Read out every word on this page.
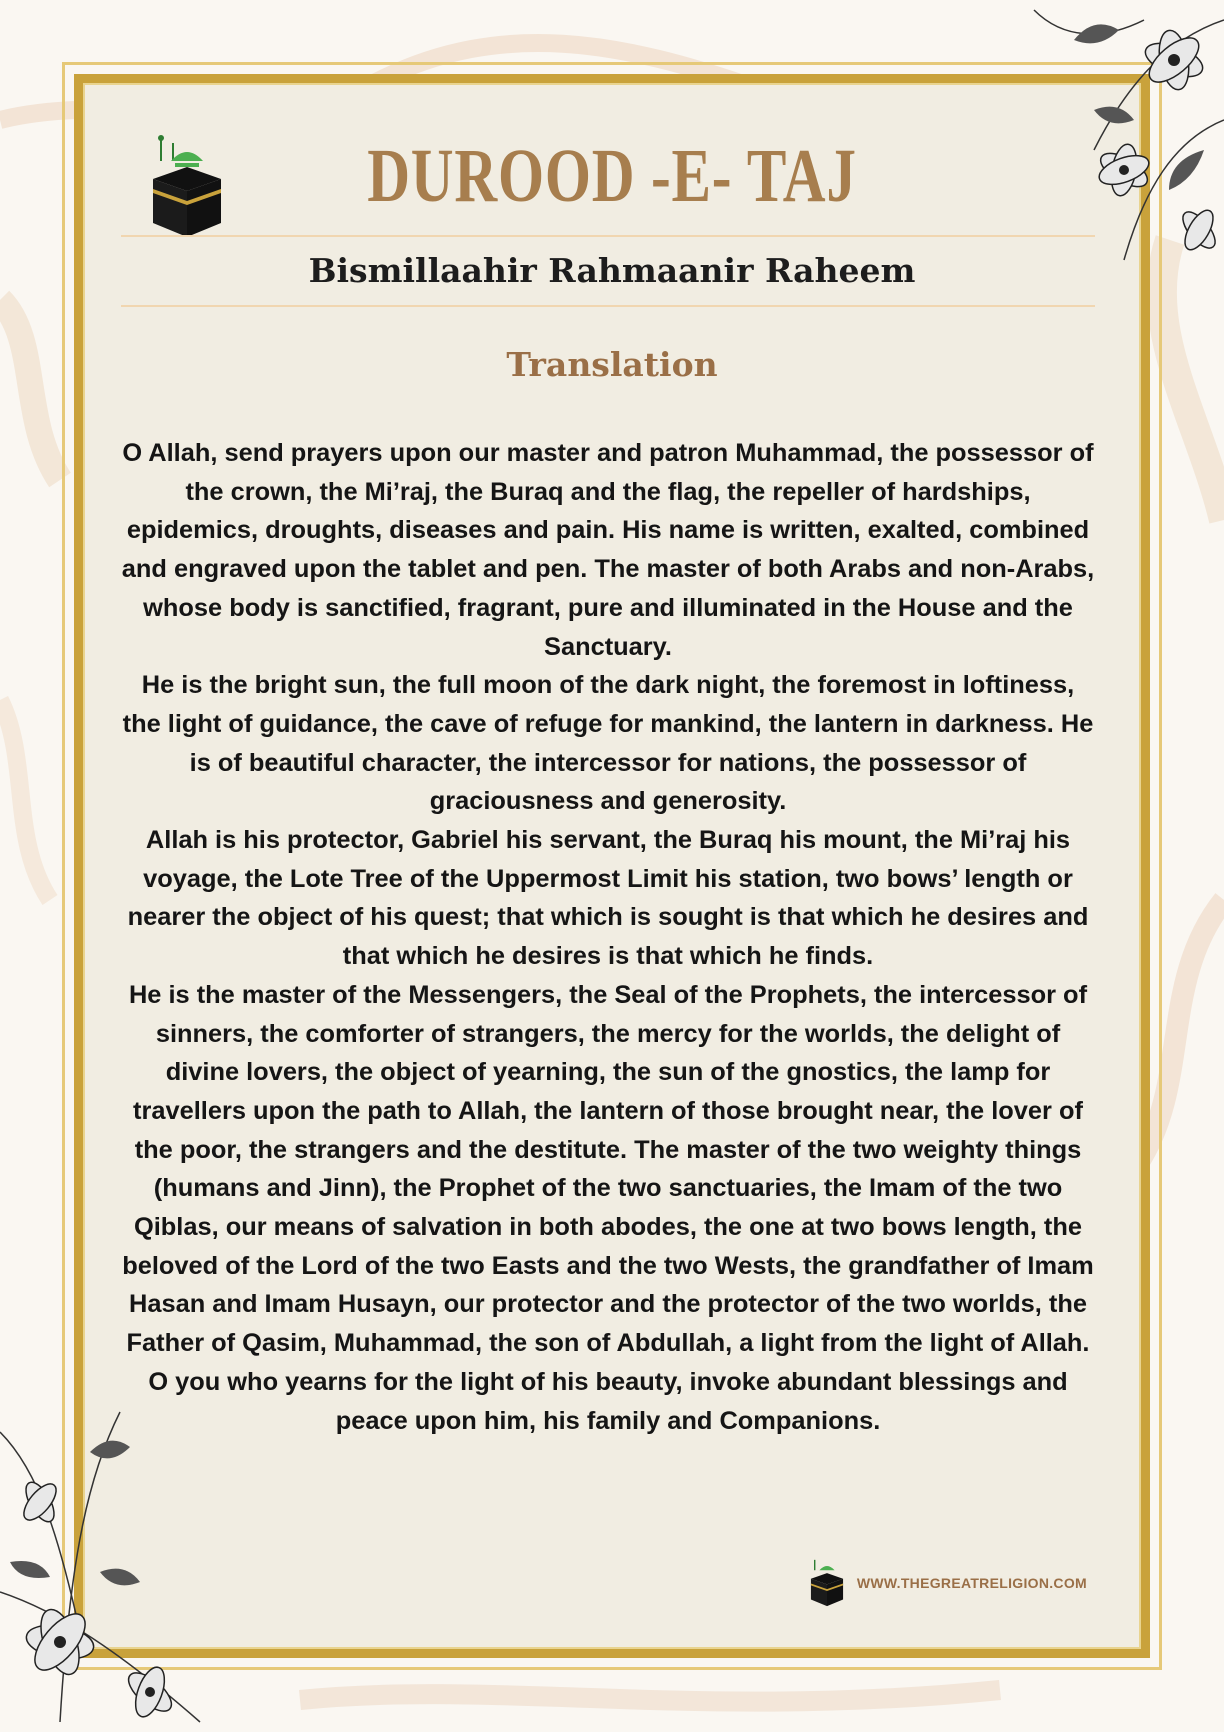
DUROOD -E- TAJ
Bismillaahir Rahmaanir Raheem
Translation

O Allah, send prayers upon our master and patron Muhammad, the possessor of the crown, the Mi’raj, the Buraq and the flag, the repeller of hardships, epidemics, droughts, diseases and pain. His name is written, exalted, combined and engraved upon the tablet and pen. The master of both Arabs and non-Arabs, whose body is sanctified, fragrant, pure and illuminated in the House and the Sanctuary.

He is the bright sun, the full moon of the dark night, the foremost in loftiness, the light of guidance, the cave of refuge for mankind, the lantern in darkness. He is of beautiful character, the intercessor for nations, the possessor of graciousness and generosity.

Allah is his protector, Gabriel his servant, the Buraq his mount, the Mi’raj his voyage, the Lote Tree of the Uppermost Limit his station, two bows’ length or nearer the object of his quest; that which is sought is that which he desires and that which he desires is that which he finds.

He is the master of the Messengers, the Seal of the Prophets, the intercessor of sinners, the comforter of strangers, the mercy for the worlds, the delight of divine lovers, the object of yearning, the sun of the gnostics, the lamp for travellers upon the path to Allah, the lantern of those brought near, the lover of the poor, the strangers and the destitute. The master of the two weighty things (humans and Jinn), the Prophet of the two sanctuaries, the Imam of the two Qiblas, our means of salvation in both abodes, the one at two bows length, the beloved of the Lord of the two Easts and the two Wests, the grandfather of Imam Hasan and Imam Husayn, our protector and the protector of the two worlds, the Father of Qasim, Muhammad, the son of Abdullah, a light from the light of Allah.

O you who yearns for the light of his beauty, invoke abundant blessings and peace upon him, his family and Companions.

WWW.THEGREATRELIGION.COM
